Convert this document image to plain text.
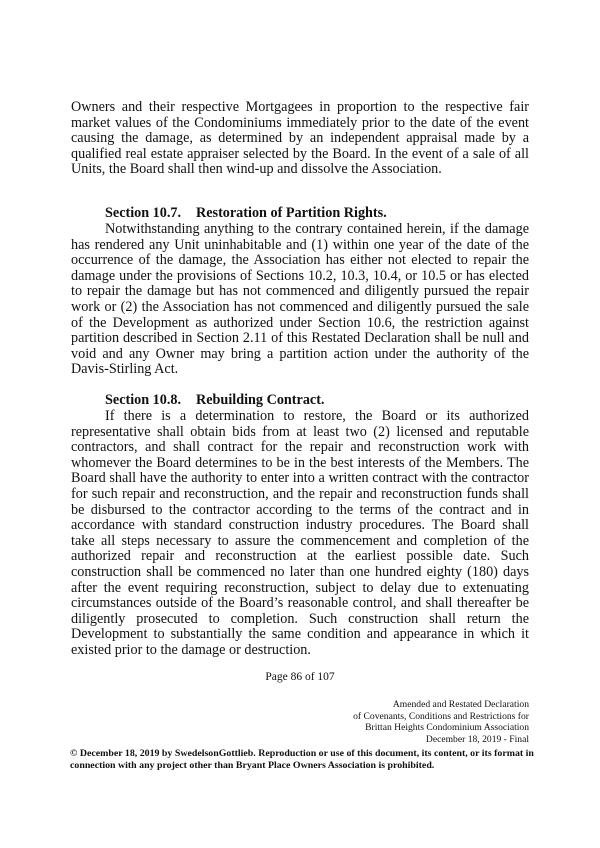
Owners and their respective Mortgagees in proportion to the respective fair market values of the Condominiums immediately prior to the date of the event causing the damage, as determined by an independent appraisal made by a qualified real estate appraiser selected by the Board. In the event of a sale of all Units, the Board shall then wind-up and dissolve the Association.

Section 10.7. Restoration of Partition Rights.

Notwithstanding anything to the contrary contained herein, if the damage has rendered any Unit uninhabitable and (1) within one year of the date of the occurrence of the damage, the Association has either not elected to repair the damage under the provisions of Sections 10.2, 10.3, 10.4, or 10.5 or has elected to repair the damage but has not commenced and diligently pursued the repair work or (2) the Association has not commenced and diligently pursued the sale of the Development as authorized under Section 10.6, the restriction against partition described in Section 2.11 of this Restated Declaration shall be null and void and any Owner may bring a partition action under the authority of the Davis-Stirling Act.

Section 10.8. Rebuilding Contract.

If there is a determination to restore, the Board or its authorized representative shall obtain bids from at least two (2) licensed and reputable contractors, and shall contract for the repair and reconstruction work with whomever the Board determines to be in the best interests of the Members. The Board shall have the authority to enter into a written contract with the contractor for such repair and reconstruction, and the repair and reconstruction funds shall be disbursed to the contractor according to the terms of the contract and in accordance with standard construction industry procedures. The Board shall take all steps necessary to assure the commencement and completion of the authorized repair and reconstruction at the earliest possible date. Such construction shall be commenced no later than one hundred eighty (180) days after the event requiring reconstruction, subject to delay due to extenuating circumstances outside of the Board’s reasonable control, and shall thereafter be diligently prosecuted to completion. Such construction shall return the Development to substantially the same condition and appearance in which it existed prior to the damage or destruction.

Page 86 of 107
Amended and Restated Declaration
of Covenants, Conditions and Restrictions for
Brittan Heights Condominium Association
December 18, 2019 - Final
© December 18, 2019 by SwedelsonGottlieb. Reproduction or use of this document, its content, or its format in connection with any project other than Bryant Place Owners Association is prohibited.
